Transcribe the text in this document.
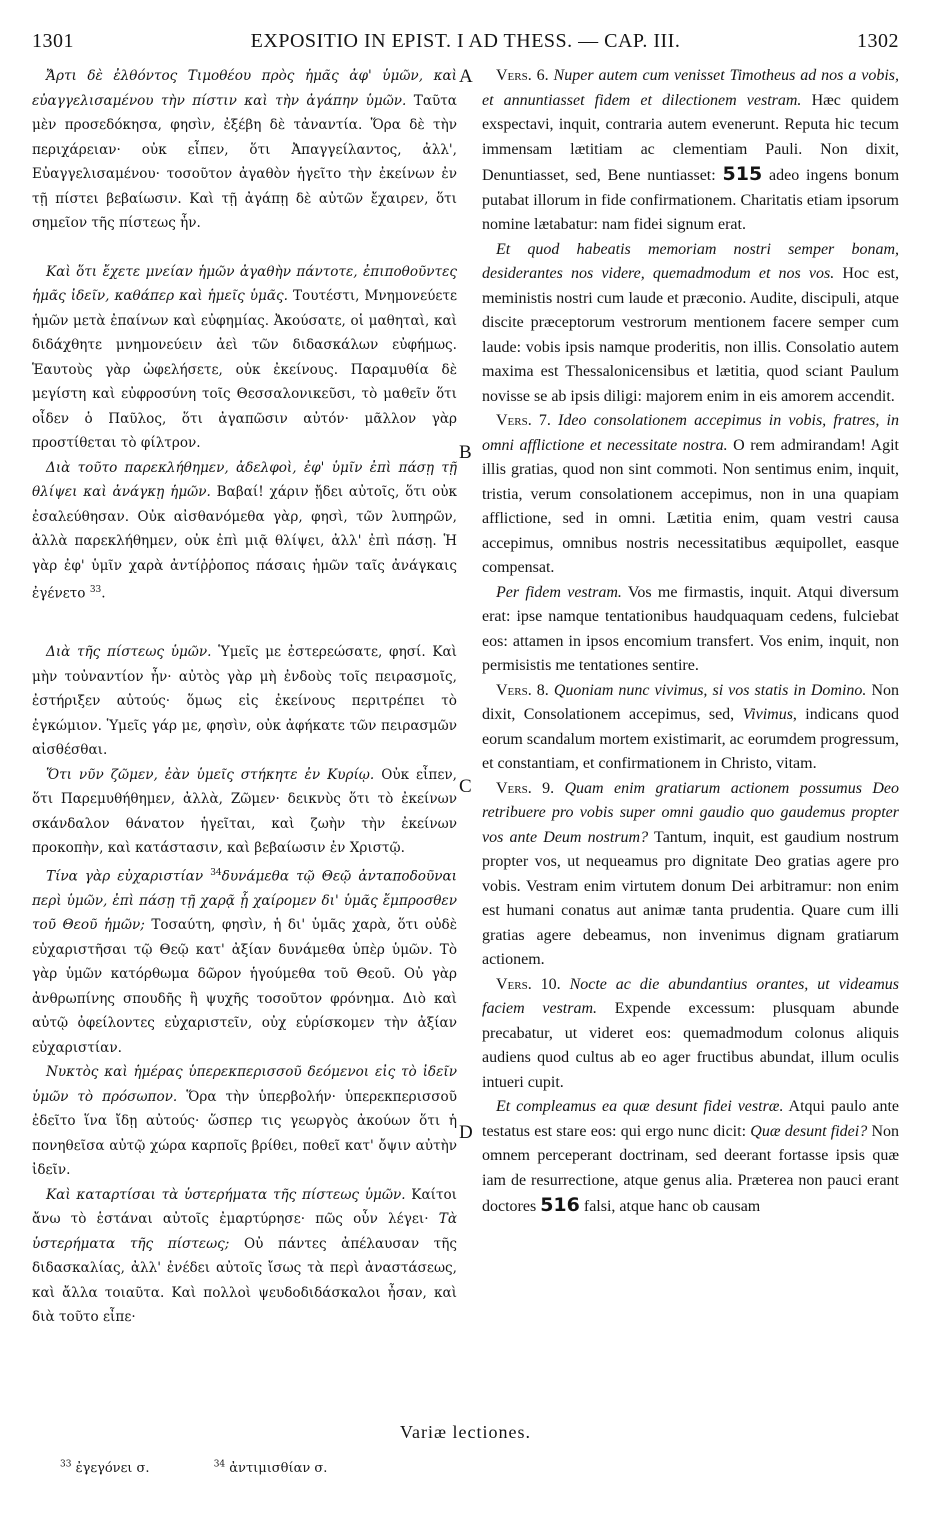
1301	EXPOSITIO IN EPIST. I AD THESS. — CAP. III.	1302
A
B
C
D

Ἄρτι δὲ ἐλθόντος Τιμοθέου πρὸς ἡμᾶς ἀφ' ὑμῶν, καὶ εὐαγγελισαμένου τὴν πίστιν καὶ τὴν ἀγάπην ὑμῶν. Ταῦτα μὲν προσεδόκησα, φησὶν, ἐξέβη δὲ τἀναντία. Ὅρα δὲ τὴν περιχάρειαν· οὐκ εἶπεν, ὅτι Ἀπαγγείλαντος, ἀλλ', Εὐαγγελισαμένου· τοσοῦτον ἀγαθὸν ἡγεῖτο τὴν ἐκείνων ἐν τῇ πίστει βεβαίωσιν. Καὶ τῇ ἀγάπῃ δὲ αὐτῶν ἔχαιρεν, ὅτι σημεῖον τῆς πίστεως ἦν.

Καὶ ὅτι ἔχετε μνείαν ἡμῶν ἀγαθὴν πάντοτε, ἐπιποθοῦντες ἡμᾶς ἰδεῖν, καθάπερ καὶ ἡμεῖς ὑμᾶς. Τουτέστι, Μνημονεύετε ἡμῶν μετὰ ἐπαίνων καὶ εὐφημίας. Ἀκούσατε, οἱ μαθηταὶ, καὶ διδάχθητε μνημονεύειν ἀεὶ τῶν διδασκάλων εὐφήμως. Ἑαυτοὺς γὰρ ὠφελήσετε, οὐκ ἐκείνους. Παραμυθία δὲ μεγίστη καὶ εὐφροσύνη τοῖς Θεσσαλονικεῦσι, τὸ μαθεῖν ὅτι οἶδεν ὁ Παῦλος, ὅτι ἀγαπῶσιν αὐτόν· μᾶλλον γὰρ προστίθεται τὸ φίλτρον.

Διὰ τοῦτο παρεκλήθημεν, ἀδελφοὶ, ἐφ' ὑμῖν ἐπὶ πάσῃ τῇ θλίψει καὶ ἀνάγκῃ ἡμῶν. Βαβαί! χάριν ᾔδει αὐτοῖς, ὅτι οὐκ ἐσαλεύθησαν. Οὐκ αἰσθανόμεθα γὰρ, φησὶ, τῶν λυπηρῶν, ἀλλὰ παρεκλήθημεν, οὐκ ἐπὶ μιᾷ θλίψει, ἀλλ' ἐπὶ πάσῃ. Ἡ γὰρ ἐφ' ὑμῖν χαρὰ ἀντίῤῥοπος πάσαις ἡμῶν ταῖς ἀνάγκαις ἐγένετο $^{33}$.

Διὰ τῆς πίστεως ὑμῶν. Ὑμεῖς με ἐστερεώσατε, φησί. Καὶ μὴν τοὐναντίον ἦν· αὐτὸς γὰρ μὴ ἐνδοὺς τοῖς πειρασμοῖς, ἐστήριξεν αὐτούς· ὅμως εἰς ἐκείνους περιτρέπει τὸ ἐγκώμιον. Ὑμεῖς γάρ με, φησὶν, οὐκ ἀφήκατε τῶν πειρασμῶν αἰσθέσθαι.

Ὅτι νῦν ζῶμεν, ἐὰν ὑμεῖς στήκητε ἐν Κυρίῳ. Οὐκ εἶπεν, ὅτι Παρεμυθήθημεν, ἀλλὰ, Ζῶμεν· δεικνὺς ὅτι τὸ ἐκείνων σκάνδαλον θάνατον ἡγεῖται, καὶ ζωὴν τὴν ἐκείνων προκοπὴν, καὶ κατάστασιν, καὶ βεβαίωσιν ἐν Χριστῷ.

Τίνα γὰρ εὐχαριστίαν $^{34}$δυνάμεθα τῷ Θεῷ ἀνταποδοῦναι περὶ ὑμῶν, ἐπὶ πάσῃ τῇ χαρᾷ ᾗ χαίρομεν δι' ὑμᾶς ἔμπροσθεν τοῦ Θεοῦ ἡμῶν; Τοσαύτη, φησὶν, ἡ δι' ὑμᾶς χαρὰ, ὅτι οὐδὲ εὐχαριστῆσαι τῷ Θεῷ κατ' ἀξίαν δυνάμεθα ὑπὲρ ὑμῶν. Τὸ γὰρ ὑμῶν κατόρθωμα δῶρον ἡγούμεθα τοῦ Θεοῦ. Οὐ γὰρ ἀνθρωπίνης σπουδῆς ἢ ψυχῆς τοσοῦτον φρόνημα. Διὸ καὶ αὐτῷ ὀφείλοντες εὐχαριστεῖν, οὐχ εὑρίσκομεν τὴν ἀξίαν εὐχαριστίαν.

Νυκτὸς καὶ ἡμέρας ὑπερεκπερισσοῦ δεόμενοι εἰς τὸ ἰδεῖν ὑμῶν τὸ πρόσωπον. Ὅρα τὴν ὑπερβολήν· ὑπερεκπερισσοῦ ἐδεῖτο ἵνα ἴδῃ αὐτούς· ὥσπερ τις γεωργὸς ἀκούων ὅτι ἡ πονηθεῖσα αὐτῷ χώρα καρποῖς βρίθει, ποθεῖ κατ' ὄψιν αὐτὴν ἰδεῖν.

Καὶ καταρτίσαι τὰ ὑστερήματα τῆς πίστεως ὑμῶν. Καίτοι ἄνω τὸ ἑστάναι αὐτοῖς ἐμαρτύρησε· πῶς οὖν λέγει· Τὰ ὑστερήματα τῆς πίστεως; Οὐ πάντες ἀπέλαυσαν τῆς διδασκαλίας, ἀλλ' ἐνέδει αὐτοῖς ἴσως τὰ περὶ ἀναστάσεως, καὶ ἄλλα τοιαῦτα. Καὶ πολλοὶ ψευδοδιδάσκαλοι ἦσαν, καὶ διὰ τοῦτο εἶπε·

Vers. 6. Nuper autem cum venisset Timotheus ad nos a vobis, et annuntiasset fidem et dilectionem vestram. Hæc quidem exspectavi, inquit, contraria autem evenerunt. Reputa hic tecum immensam lætitiam ac clementiam Pauli. Non dixit, Denuntiasset, sed, Bene nuntiasset: 515 adeo ingens bonum putabat illorum in fide confirmationem. Charitatis etiam ipsorum nomine lætabatur: nam fidei signum erat.

Et quod habeatis memoriam nostri semper bonam, desiderantes nos videre, quemadmodum et nos vos. Hoc est, meministis nostri cum laude et præconio. Audite, discipuli, atque discite præceptorum vestrorum mentionem facere semper cum laude: vobis ipsis namque proderitis, non illis. Consolatio autem maxima est Thessalonicensibus et lætitia, quod sciant Paulum novisse se ab ipsis diligi: majorem enim in eis amorem accendit.

Vers. 7. Ideo consolationem accepimus in vobis, fratres, in omni afflictione et necessitate nostra. O rem admirandam! Agit illis gratias, quod non sint commoti. Non sentimus enim, inquit, tristia, verum consolationem accepimus, non in una quapiam afflictione, sed in omni. Lætitia enim, quam vestri causa accepimus, omnibus nostris necessitatibus æquipollet, easque compensat.

Per fidem vestram. Vos me firmastis, inquit. Atqui diversum erat: ipse namque tentationibus haudquaquam cedens, fulciebat eos: attamen in ipsos encomium transfert. Vos enim, inquit, non permisistis me tentationes sentire.

Vers. 8. Quoniam nunc vivimus, si vos statis in Domino. Non dixit, Consolationem accepimus, sed, Vivimus, indicans quod eorum scandalum mortem existimarit, ac eorumdem progressum, et constantiam, et confirmationem in Christo, vitam.

Vers. 9. Quam enim gratiarum actionem possumus Deo retribuere pro vobis super omni gaudio quo gaudemus propter vos ante Deum nostrum? Tantum, inquit, est gaudium nostrum propter vos, ut nequeamus pro dignitate Deo gratias agere pro vobis. Vestram enim virtutem donum Dei arbitramur: non enim est humani conatus aut animæ tanta prudentia. Quare cum illi gratias agere debeamus, non invenimus dignam gratiarum actionem.

Vers. 10. Nocte ac die abundantius orantes, ut videamus faciem vestram. Expende excessum: plusquam abunde precabatur, ut videret eos: quemadmodum colonus aliquis audiens quod cultus ab eo ager fructibus abundat, illum oculis intueri cupit.

Et compleamus ea quæ desunt fidei vestræ. Atqui paulo ante testatus est stare eos: qui ergo nunc dicit: Quæ desunt fidei? Non omnem perceperant doctrinam, sed deerant fortasse ipsis quæ iam de resurrectione, atque genus alia. Præterea non pauci erant doctores 516 falsi, atque hanc ob causam

Variæ lectiones.
$^{33}$ ἐγεγόνει σ.	$^{34}$ ἀντιμισθίαν σ.
